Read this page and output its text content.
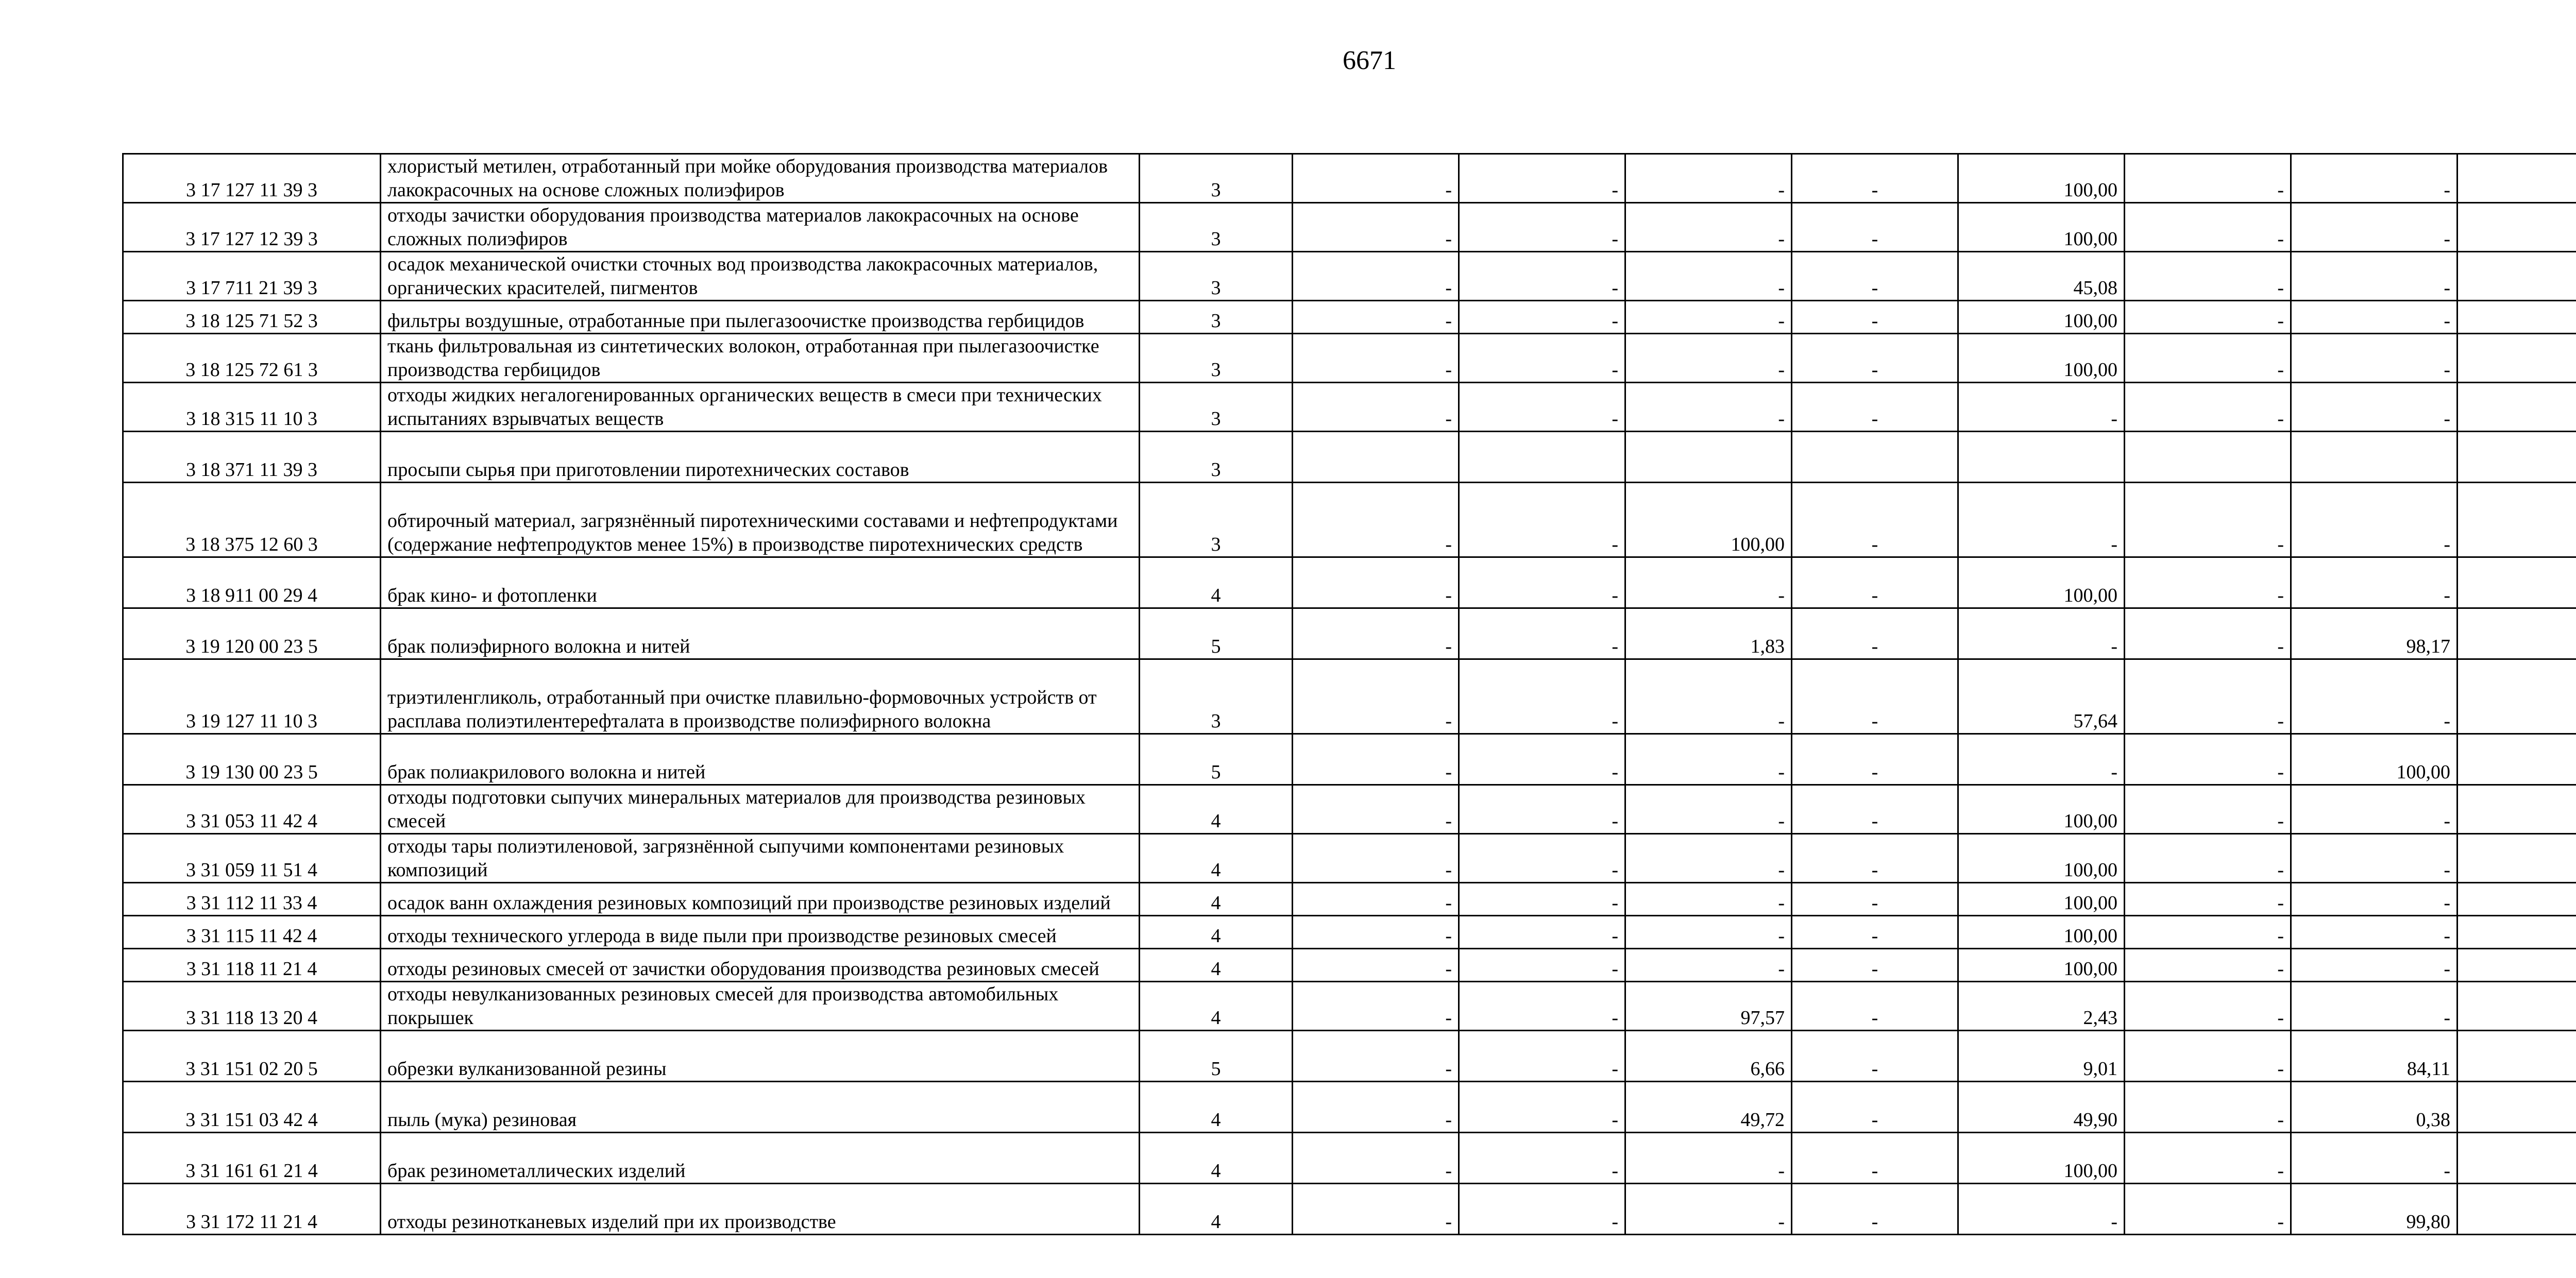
6671
3 17 127 11 39 3	хлористый метилен, отработанный при мойке оборудования производства материалов лакокрасочных на основе сложных полиэфиров	3	-	-	-	-	100,00	-	-	
3 17 127 12 39 3	отходы зачистки оборудования производства материалов лакокрасочных на основе сложных полиэфиров	3	-	-	-	-	100,00	-	-	
3 17 711 21 39 3	осадок механической очистки сточных вод производства лакокрасочных материалов, органических красителей, пигментов	3	-	-	-	-	45,08	-	-	
3 18 125 71 52 3	фильтры воздушные, отработанные при пылегазоочистке производства гербицидов	3	-	-	-	-	100,00	-	-	
3 18 125 72 61 3	ткань фильтровальная из синтетических волокон, отработанная при пылегазоочистке производства гербицидов	3	-	-	-	-	100,00	-	-	
3 18 315 11 10 3	отходы жидких негалогенированных органических веществ в смеси при технических испытаниях взрывчатых веществ	3	-	-	-	-	-	-	-	
3 18 371 11 39 3	просыпи сырья при приготовлении пиротехнических составов	3								
3 18 375 12 60 3	обтирочный материал, загрязнённый пиротехническими составами и нефтепродуктами (содержание нефтепродуктов менее 15%) в производстве пиротехнических средств	3	-	-	100,00	-	-	-	-	
3 18 911 00 29 4	брак кино- и фотопленки	4	-	-	-	-	100,00	-	-	
3 19 120 00 23 5	брак полиэфирного волокна и нитей	5	-	-	1,83	-	-	-	98,17	
3 19 127 11 10 3	триэтиленгликоль, отработанный при очистке плавильно-формовочных устройств от расплава полиэтилентерефталата в производстве полиэфирного волокна	3	-	-	-	-	57,64	-	-	
3 19 130 00 23 5	брак полиакрилового волокна и нитей	5	-	-	-	-	-	-	100,00	
3 31 053 11 42 4	отходы подготовки сыпучих минеральных материалов для производства резиновых смесей	4	-	-	-	-	100,00	-	-	
3 31 059 11 51 4	отходы тары полиэтиленовой, загрязнённой сыпучими компонентами резиновых композиций	4	-	-	-	-	100,00	-	-	
3 31 112 11 33 4	осадок ванн охлаждения резиновых композиций при производстве резиновых изделий	4	-	-	-	-	100,00	-	-	
3 31 115 11 42 4	отходы технического углерода в виде пыли при производстве резиновых смесей	4	-	-	-	-	100,00	-	-	
3 31 118 11 21 4	отходы резиновых смесей от зачистки оборудования производства резиновых смесей	4	-	-	-	-	100,00	-	-	
3 31 118 13 20 4	отходы невулканизованных резиновых смесей для производства автомобильных покрышек	4	-	-	97,57	-	2,43	-	-	
3 31 151 02 20 5	обрезки вулканизованной резины	5	-	-	6,66	-	9,01	-	84,11	
3 31 151 03 42 4	пыль (мука) резиновая	4	-	-	49,72	-	49,90	-	0,38	
3 31 161 61 21 4	брак резинометаллических изделий	4	-	-	-	-	100,00	-	-	
3 31 172 11 21 4	отходы резинотканевых изделий при их производстве	4	-	-	-	-	-	-	99,80	
